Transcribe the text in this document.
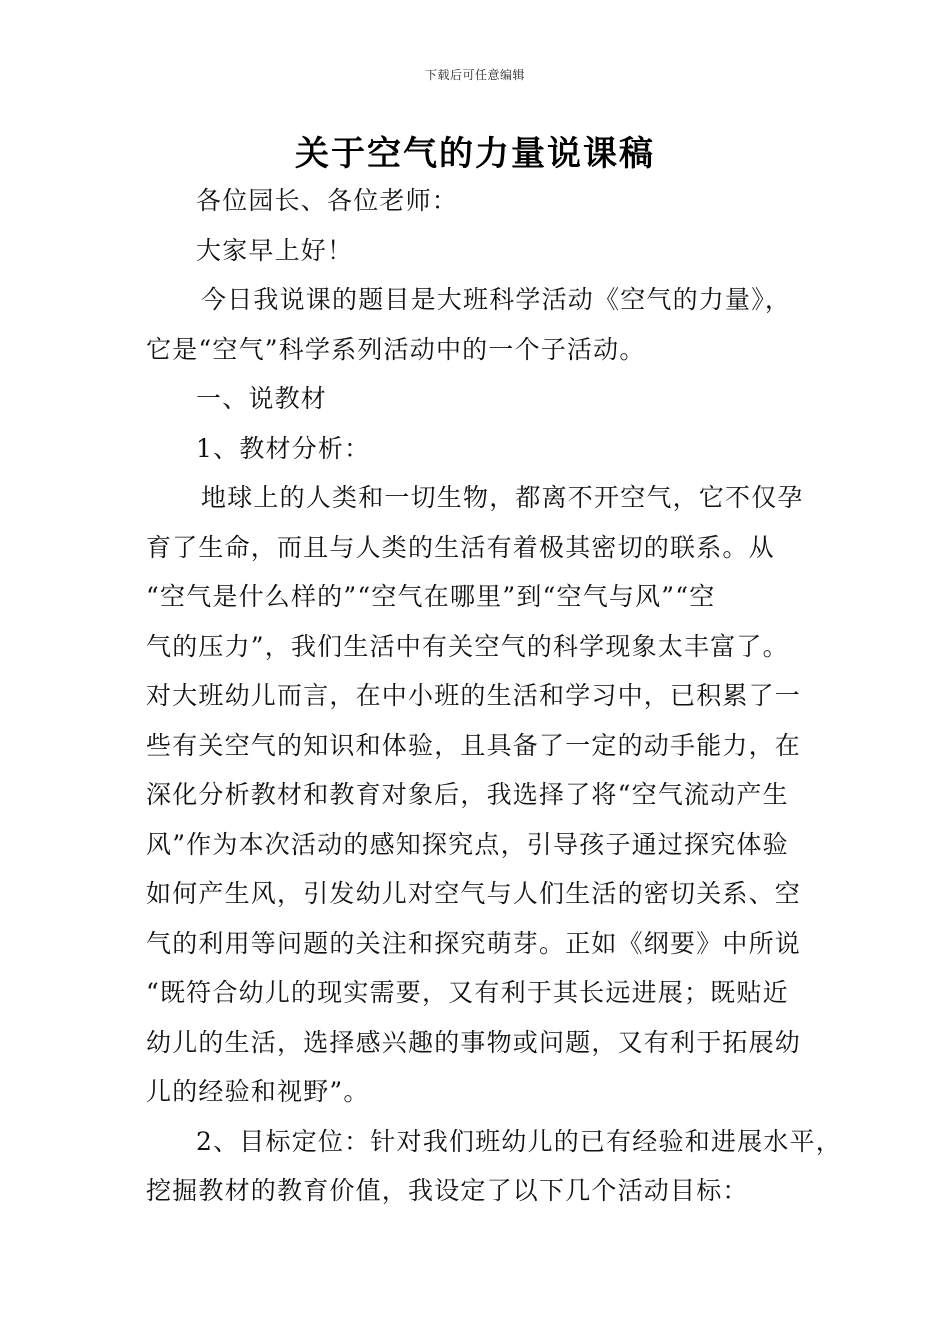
下载后可任意编辑
关于空气的力量说课稿
各位园长、各位老师：
大家早上好！
今日我说课的题目是大班科学活动《空气的力量》，
它是“空气”科学系列活动中的一个子活动。
一、说教材
1、教材分析：
地球上的人类和一切生物，都离不开空气，它不仅孕
育了生命，而且与人类的生活有着极其密切的联系。从
“空气是什么样的”“空气在哪里”到“空气与风”“空
气的压力”，我们生活中有关空气的科学现象太丰富了。
对大班幼儿而言，在中小班的生活和学习中，已积累了一
些有关空气的知识和体验，且具备了一定的动手能力，在
深化分析教材和教育对象后，我选择了将“空气流动产生
风”作为本次活动的感知探究点，引导孩子通过探究体验
如何产生风，引发幼儿对空气与人们生活的密切关系、空
气的利用等问题的关注和探究萌芽。正如《纲要》中所说
“既符合幼儿的现实需要，又有利于其长远进展；既贴近
幼儿的生活，选择感兴趣的事物或问题，又有利于拓展幼
儿的经验和视野”。
2、目标定位：针对我们班幼儿的已有经验和进展水平，
挖掘教材的教育价值，我设定了以下几个活动目标：
